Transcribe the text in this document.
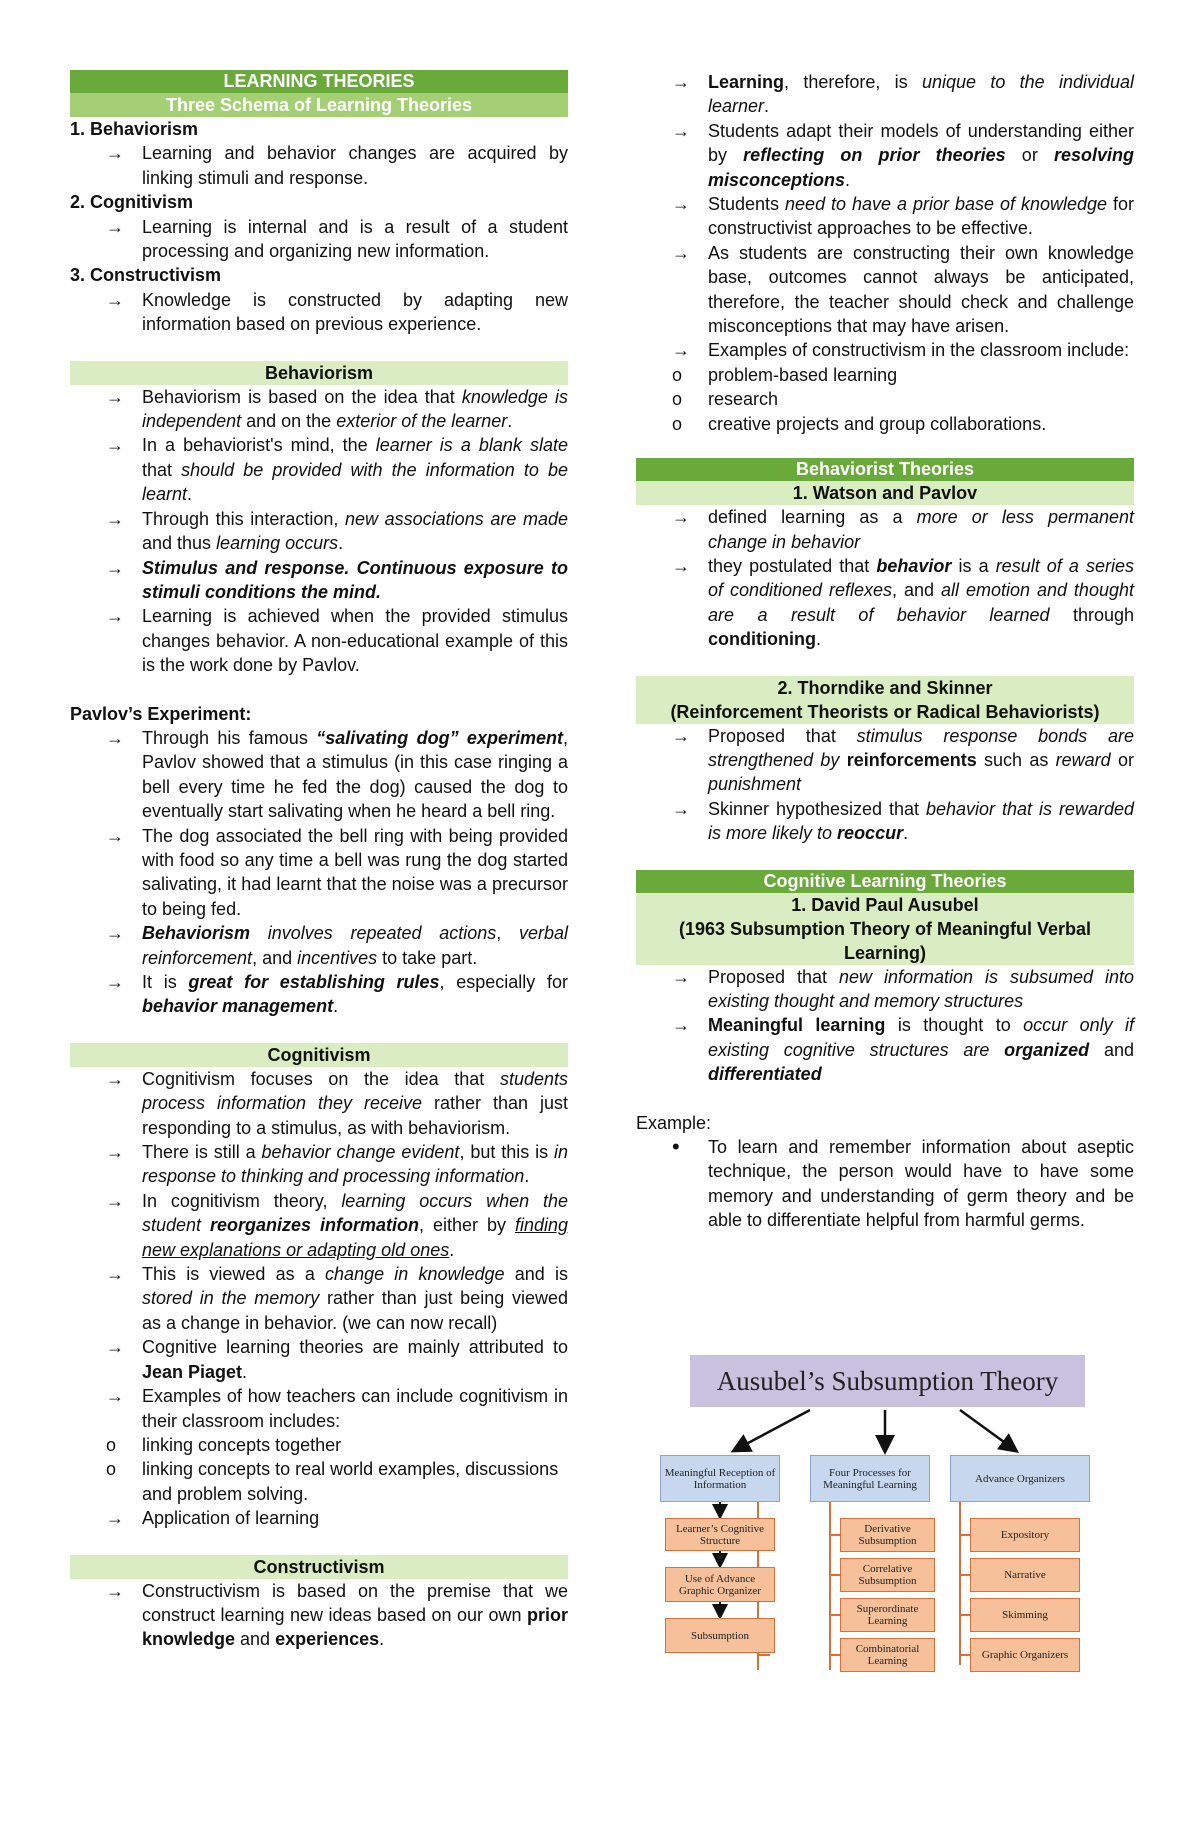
LEARNING THEORIES
Three Schema of Learning Theories
1. Behaviorism
→ Learning and behavior changes are acquired by linking stimuli and response.
2. Cognitivism
→ Learning is internal and is a result of a student processing and organizing new information.
3. Constructivism
→ Knowledge is constructed by adapting new information based on previous experience.
Behaviorism
→ Behaviorism is based on the idea that knowledge is independent and on the exterior of the learner.
→ In a behaviorist's mind, the learner is a blank slate that should be provided with the information to be learnt.
→ Through this interaction, new associations are made and thus learning occurs.
→ Stimulus and response. Continuous exposure to stimuli conditions the mind.
→ Learning is achieved when the provided stimulus changes behavior. A non-educational example of this is the work done by Pavlov.
Pavlov’s Experiment:
→ Through his famous “salivating dog” experiment, Pavlov showed that a stimulus (in this case ringing a bell every time he fed the dog) caused the dog to eventually start salivating when he heard a bell ring.
→ The dog associated the bell ring with being provided with food so any time a bell was rung the dog started salivating, it had learnt that the noise was a precursor to being fed.
→ Behaviorism involves repeated actions, verbal reinforcement, and incentives to take part.
→ It is great for establishing rules, especially for behavior management.
Cognitivism
→ Cognitivism focuses on the idea that students process information they receive rather than just responding to a stimulus, as with behaviorism.
→ There is still a behavior change evident, but this is in response to thinking and processing information.
→ In cognitivism theory, learning occurs when the student reorganizes information, either by finding new explanations or adapting old ones.
→ This is viewed as a change in knowledge and is stored in the memory rather than just being viewed as a change in behavior. (we can now recall)
→ Cognitive learning theories are mainly attributed to Jean Piaget.
→ Examples of how teachers can include cognitivism in their classroom includes:
o linking concepts together
o linking concepts to real world examples, discussions and problem solving.
→ Application of learning
Constructivism
→ Constructivism is based on the premise that we construct learning new ideas based on our own prior knowledge and experiences.
→ Learning, therefore, is unique to the individual learner.
→ Students adapt their models of understanding either by reflecting on prior theories or resolving misconceptions.
→ Students need to have a prior base of knowledge for constructivist approaches to be effective.
→ As students are constructing their own knowledge base, outcomes cannot always be anticipated, therefore, the teacher should check and challenge misconceptions that may have arisen.
→ Examples of constructivism in the classroom include:
o problem-based learning
o research
o creative projects and group collaborations.
Behaviorist Theories
1. Watson and Pavlov
→ defined learning as a more or less permanent change in behavior
→ they postulated that behavior is a result of a series of conditioned reflexes, and all emotion and thought are a result of behavior learned through conditioning.
2. Thorndike and Skinner
(Reinforcement Theorists or Radical Behaviorists)
→ Proposed that stimulus response bonds are strengthened by reinforcements such as reward or punishment
→ Skinner hypothesized that behavior that is rewarded is more likely to reoccur.
Cognitive Learning Theories
1. David Paul Ausubel
(1963 Subsumption Theory of Meaningful Verbal Learning)
→ Proposed that new information is subsumed into existing thought and memory structures
→ Meaningful learning is thought to occur only if existing cognitive structures are organized and differentiated
Example:
• To learn and remember information about aseptic technique, the person would have to have some memory and understanding of germ theory and be able to differentiate helpful from harmful germs.
Ausubel’s Subsumption Theory
Meaningful Reception of Information
Four Processes for Meaningful Learning	Advance Organizers
Learner’s Cognitive Structure
Use of Advance Graphic Organizer
Subsumption
Derivative Subsumption
Correlative Subsumption
Superordinate Learning
Combinatorial Learning
Expository
Narrative
Skimming
Graphic Organizers
